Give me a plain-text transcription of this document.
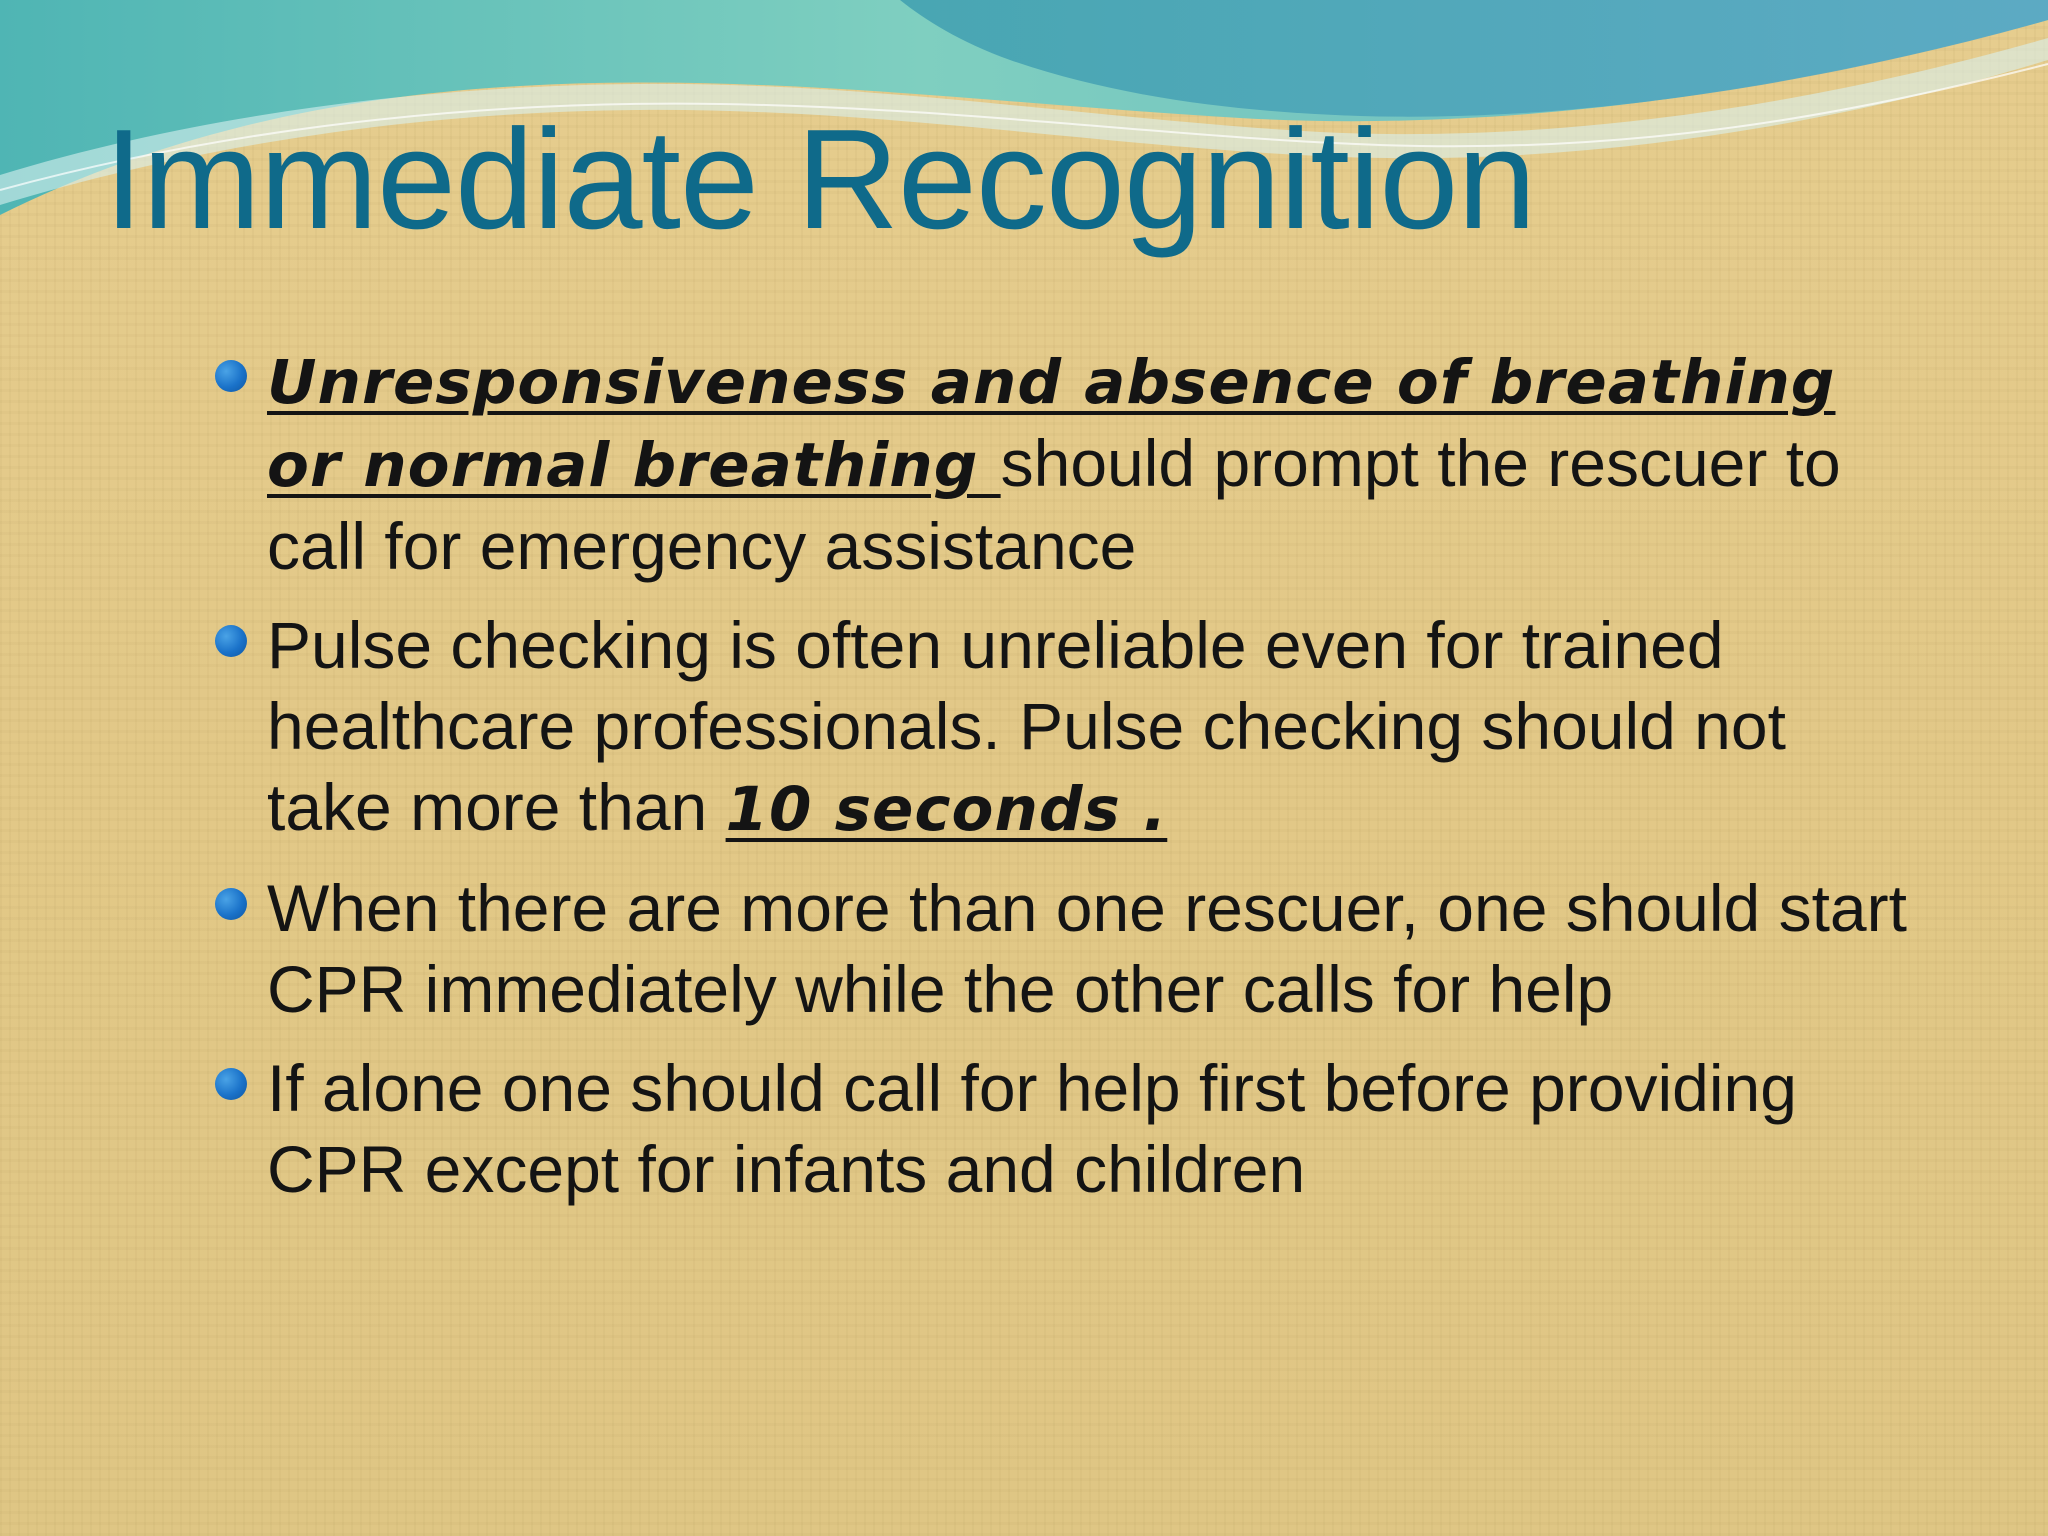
Immediate Recognition
Unresponsiveness and absence of breathing or normal breathing should prompt the rescuer to call for emergency assistance
Pulse checking is often unreliable even for trained healthcare professionals. Pulse checking should not take more than 10 seconds .
When there are more than one rescuer, one should start CPR immediately while the other calls for help
If alone one should call for help first before providing CPR except for infants and children
